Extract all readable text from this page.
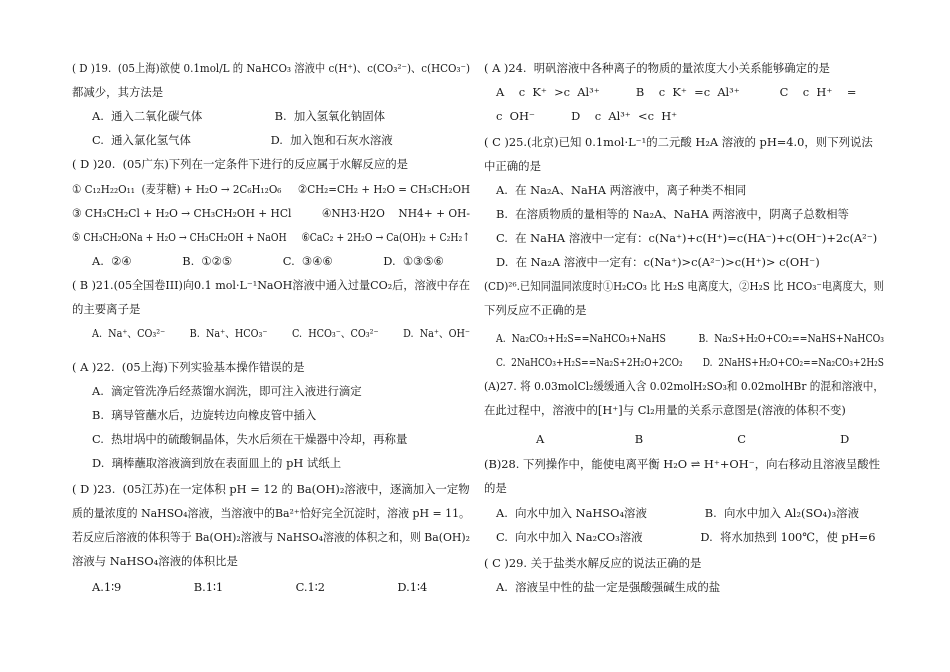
( D )19.  (05上海)欲使 0.1mol/L 的 NaHCO₃ 溶液中 c(H⁺)、c(CO₃²⁻)、c(HCO₃⁻)
都减少，其方法是
A.  通入二氧化碳气体                    B.  加入氢氧化钠固体
C.  通入氯化氢气体                      D.  加入饱和石灰水溶液
( D )20.  (05广东)下列在一定条件下进行的反应属于水解反应的是
① C₁₂H₂₂O₁₁  (麦芽糖) + H₂O → 2C₆H₁₂O₆     ②CH₂=CH₂ + H₂O = CH₃CH₂OH
③ CH₃CH₂Cl + H₂O → CH₃CH₂OH + HCl         ④NH3·H2O    NH4+ + OH-
⑤ CH₃CH₂ONa + H₂O → CH₃CH₂OH + NaOH     ⑥CaC₂ + 2H₂O → Ca(OH)₂ + C₂H₂↑
A.  ②④              B.  ①②⑤              C.  ③④⑥              D.  ①③⑤⑥
( B )21.(05全国卷III)向0.1 mol·L⁻¹NaOH溶液中通入过量CO₂后，溶液中存在
的主要离子是
A.  Na⁺、CO₃²⁻        B.  Na⁺、HCO₃⁻        C.  HCO₃⁻、CO₃²⁻        D.  Na⁺、OH⁻
( A )22.  (05上海)下列实验基本操作错误的是
A.  滴定管洗净后经蒸馏水润洗，即可注入液进行滴定
B.  璃导管蘸水后，边旋转边向橡皮管中插入
C.  热坩埚中的硫酸铜晶体，失水后须在干燥器中冷却，再称量
D.  璃棒蘸取溶液滴到放在表面皿上的 pH 试纸上
( D )23.  (05江苏)在一定体积 pH = 12 的 Ba(OH)₂溶液中，逐滴加入一定物
质的量浓度的 NaHSO₄溶液，当溶液中的Ba²⁺恰好完全沉淀时，溶液 pH = 11。
若反应后溶液的体积等于 Ba(OH)₂溶液与 NaHSO₄溶液的体积之和，则 Ba(OH)₂
溶液与 NaHSO₄溶液的体积比是
A.1∶9                    B.1∶1                    C.1∶2                    D.1∶4
( A )24.  明矾溶液中各种离子的物质的量浓度大小关系能够确定的是
A    c  K⁺  >c  Al³⁺          B    c  K⁺  =c  Al³⁺           C    c  H⁺    =
c  OH⁻          D    c  Al³⁺  <c  H⁺
( C )25.(北京)已知 0.1mol·L⁻¹的二元酸 H₂A 溶液的 pH=4.0，则下列说法
中正确的是
A.  在 Na₂A、NaHA 两溶液中，离子种类不相同
B.  在溶质物质的量相等的 Na₂A、NaHA 两溶液中，阴离子总数相等
C.  在 NaHA 溶液中一定有：c(Na⁺)+c(H⁺)=c(HA⁻)+c(OH⁻)+2c(A²⁻)
D.  在 Na₂A 溶液中一定有：c(Na⁺)>c(A²⁻)>c(H⁺)> c(OH⁻)
(CD)²⁶.已知同温同浓度时①H₂CO₃ 比 H₂S 电离度大，②H₂S 比 HCO₃⁻电离度大，则
下列反应不正确的是
A.  Na₂CO₃+H₂S==NaHCO₃+NaHS           B.  Na₂S+H₂O+CO₂==NaHS+NaHCO₃
C.  2NaHCO₃+H₂S==Na₂S+2H₂O+2CO₂       D.  2NaHS+H₂O+CO₂==Na₂CO₃+2H₂S
(A)27. 将 0.03molCl₂缓缓通入含 0.02molH₂SO₃和 0.02molHBr 的混和溶液中，
在此过程中，溶液中的[H⁺]与 Cl₂用量的关系示意图是(溶液的体积不变)
A                         B                          C                          D
(B)28. 下列操作中，能使电离平衡 H₂O ⇌ H⁺+OH⁻，向右移动且溶液呈酸性
的是
A.  向水中加入 NaHSO₄溶液                B.  向水中加入 Al₂(SO₄)₃溶液
C.  向水中加入 Na₂CO₃溶液                D.  将水加热到 100℃，使 pH=6
( C )29. 关于盐类水解反应的说法正确的是
A.  溶液呈中性的盐一定是强酸强碱生成的盐
